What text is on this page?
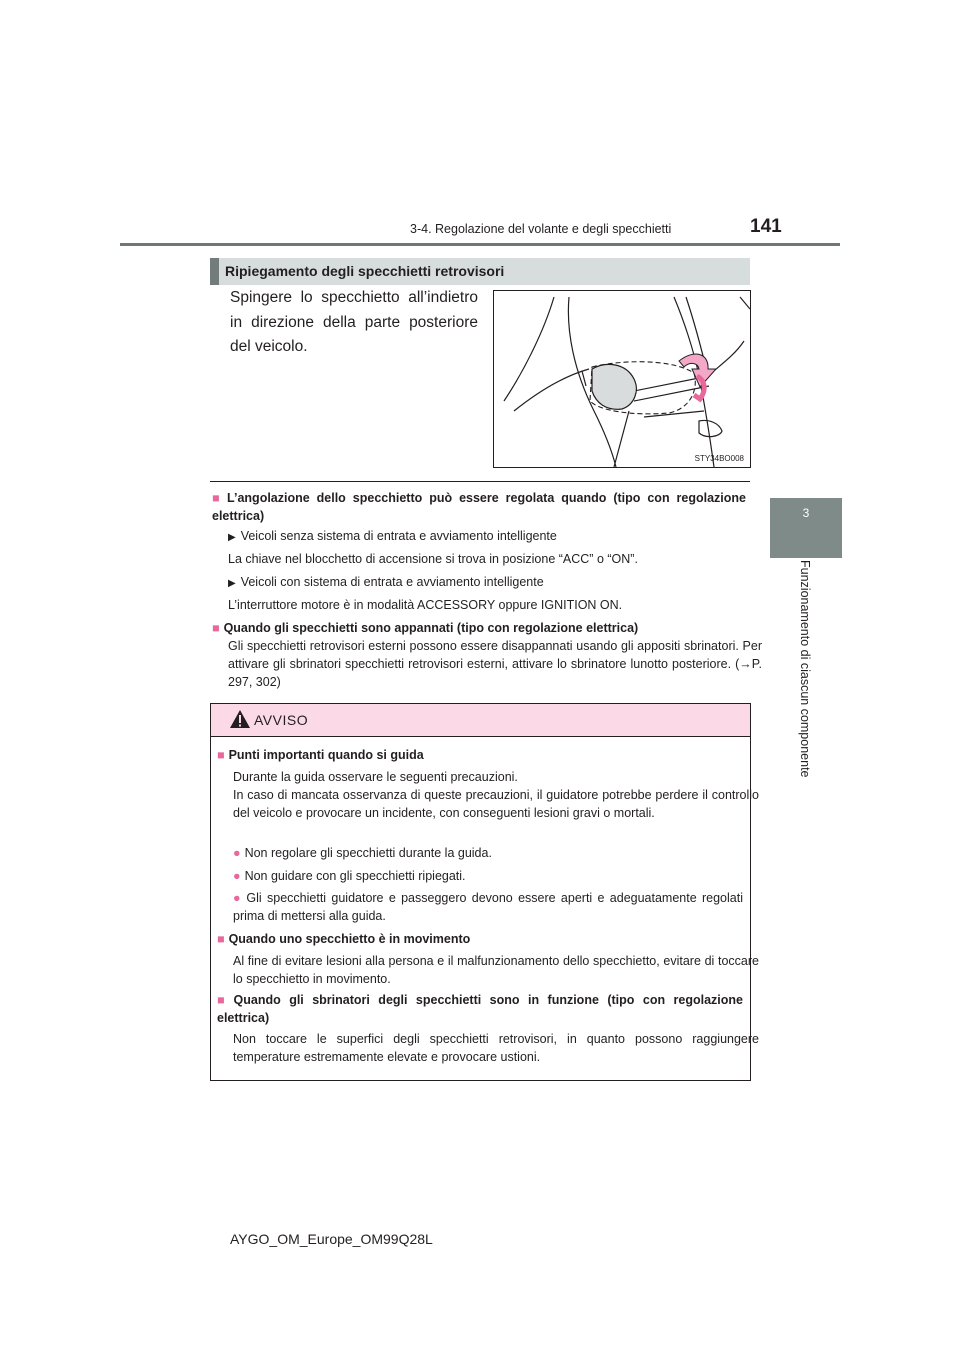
3-4. Regolazione del volante e degli specchietti	141
3
Funzionamento di ciascun componente
Ripiegamento degli specchietti retrovisori
Spingere lo specchietto all’indietro in direzione della parte posteriore del veicolo.
STY34BO008
■ L’angolazione dello specchietto può essere regolata quando (tipo con regolazione elettrica)
▶ Veicoli senza sistema di entrata e avviamento intelligente
La chiave nel blocchetto di accensione si trova in posizione “ACC” o “ON”.
▶ Veicoli con sistema di entrata e avviamento intelligente
L’interruttore motore è in modalità ACCESSORY oppure IGNITION ON.
■ Quando gli specchietti sono appannati (tipo con regolazione elettrica)
Gli specchietti retrovisori esterni possono essere disappannati usando gli appositi sbrinatori. Per attivare gli sbrinatori specchietti retrovisori esterni, attivare lo sbrinatore lunotto posteriore. (→P. 297, 302)
AVVISO
■ Punti importanti quando si guida
Durante la guida osservare le seguenti precauzioni.
In caso di mancata osservanza di queste precauzioni, il guidatore potrebbe perdere il controllo del veicolo e provocare un incidente, con conseguenti lesioni gravi o mortali.
● Non regolare gli specchietti durante la guida.
● Non guidare con gli specchietti ripiegati.
● Gli specchietti guidatore e passeggero devono essere aperti e adeguatamente regolati prima di mettersi alla guida.
■ Quando uno specchietto è in movimento
Al fine di evitare lesioni alla persona e il malfunzionamento dello specchietto, evitare di toccare lo specchietto in movimento.
■ Quando gli sbrinatori degli specchietti sono in funzione (tipo con regolazione elettrica)
Non toccare le superfici degli specchietti retrovisori, in quanto possono raggiungere temperature estremamente elevate e provocare ustioni.
AYGO_OM_Europe_OM99Q28L
